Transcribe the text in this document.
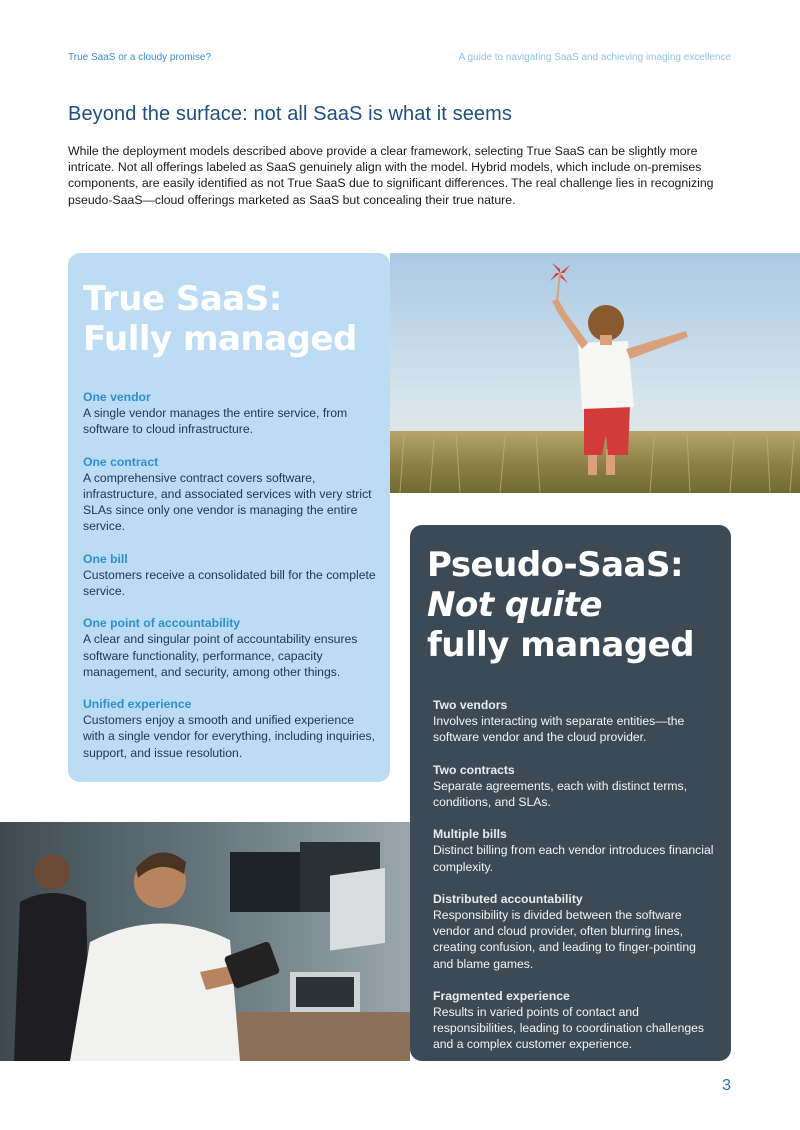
True SaaS or a cloudy promise?	A guide to navigating SaaS and achieving imaging excellence
Beyond the surface: not all SaaS is what it seems

While the deployment models described above provide a clear framework, selecting True SaaS can be slightly more intricate. Not all offerings labeled as SaaS genuinely align with the model. Hybrid models, which include on-premises components, are easily identified as not True SaaS due to significant differences. The real challenge lies in recognizing pseudo-SaaS—cloud offerings marketed as SaaS but concealing their true nature.

True SaaS:
Fully managed
One vendor
A single vendor manages the entire service, from software to cloud infrastructure.
One contract
A comprehensive contract covers software, infrastructure, and associated services with very strict SLAs since only one vendor is managing the entire service.
One bill
Customers receive a consolidated bill for the complete service.
One point of accountability
A clear and singular point of accountability ensures software functionality, performance, capacity management, and security, among other things.
Unified experience
Customers enjoy a smooth and unified experience with a single vendor for everything, including inquiries, support, and issue resolution.
Pseudo-SaaS:
Not quite
fully managed
Two vendors
Involves interacting with separate entities—the software vendor and the cloud provider.
Two contracts
Separate agreements, each with distinct terms, conditions, and SLAs.
Multiple bills
Distinct billing from each vendor introduces financial complexity.
Distributed accountability
Responsibility is divided between the software vendor and cloud provider, often blurring lines, creating confusion, and leading to finger-pointing and blame games.
Fragmented experience
Results in varied points of contact and responsibilities, leading to coordination challenges and a complex customer experience.
3
